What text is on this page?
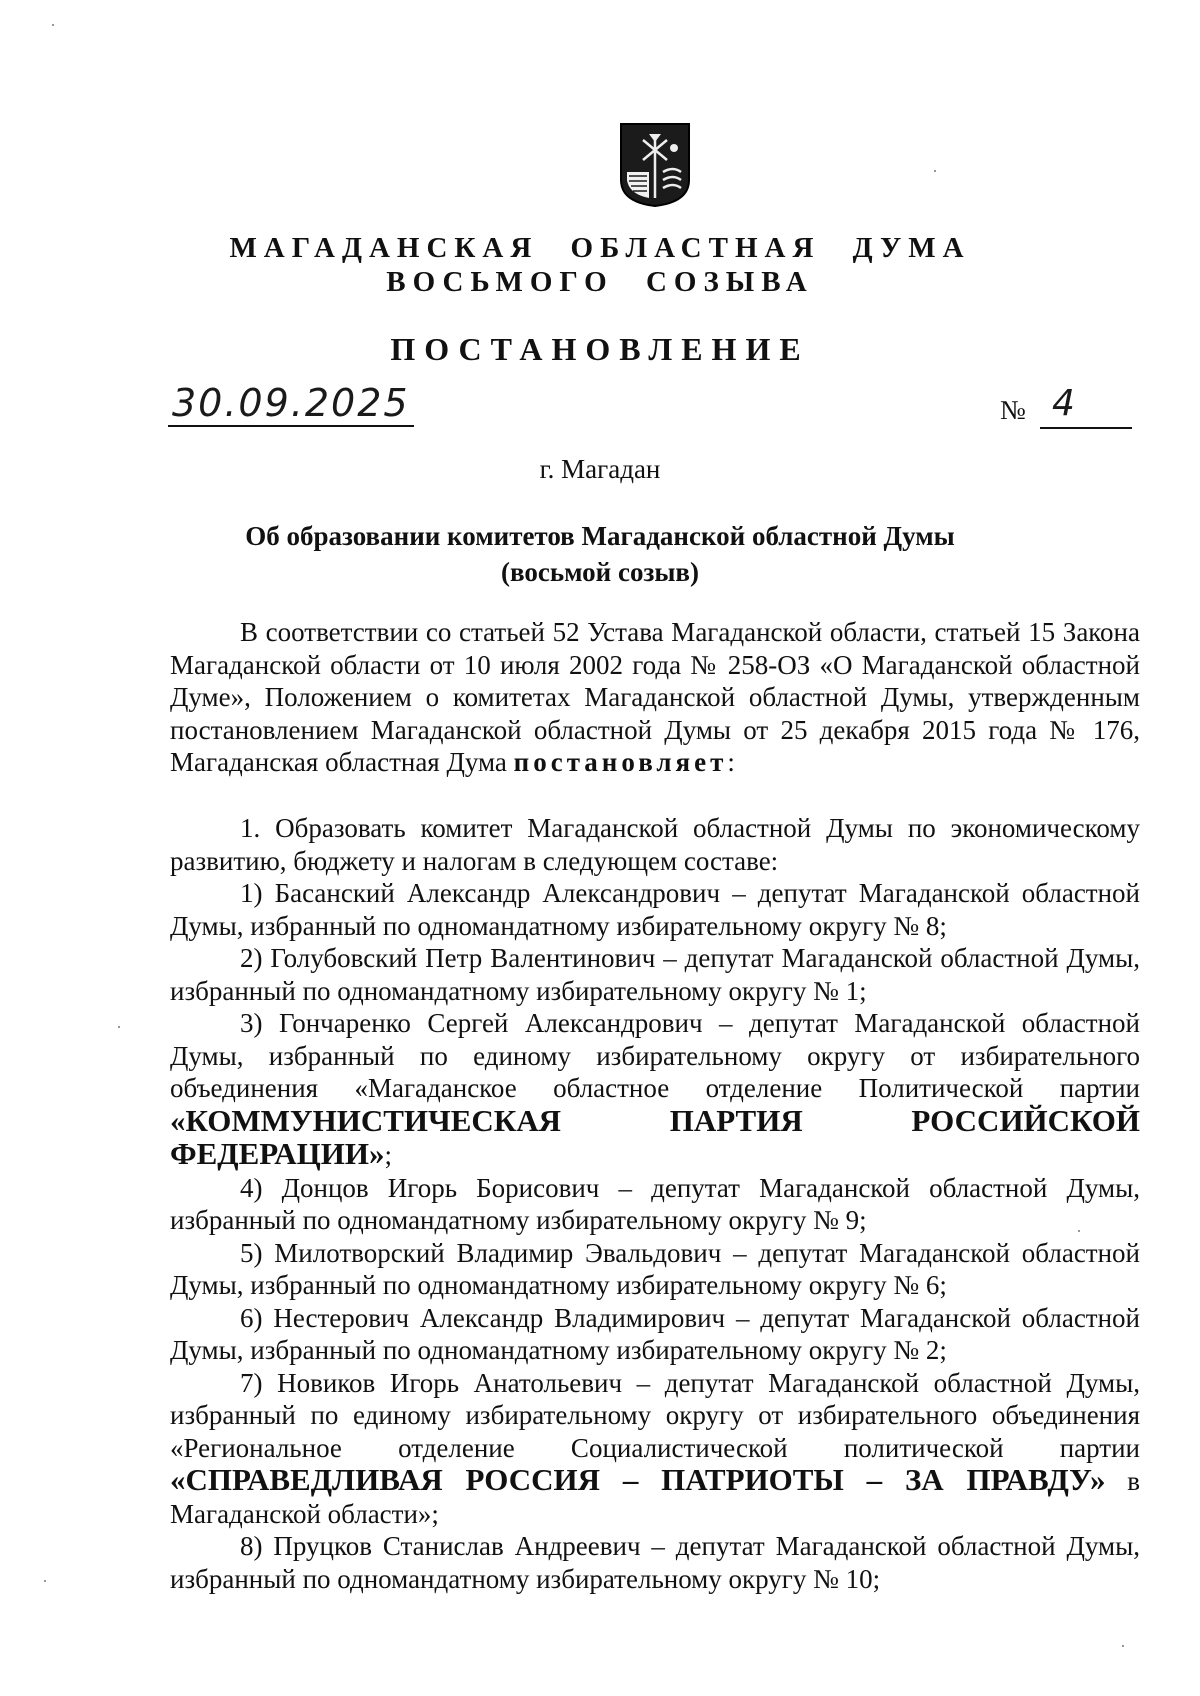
МАГАДАНСКАЯ ОБЛАСТНАЯ ДУМА
ВОСЬМОГО СОЗЫВА
ПОСТАНОВЛЕНИЕ
30.09.2025	№ 4
г. Магадан
Об образовании комитетов Магаданской областной Думы
(восьмой созыв)

В соответствии со статьей 52 Устава Магаданской области, статьей 15 Закона Магаданской области от 10 июля 2002 года № 258-ОЗ «О Магаданской областной Думе», Положением о комитетах Магаданской областной Думы, утвержденным постановлением Магаданской областной Думы от 25 декабря 2015 года № 176, Магаданская областная Дума постановляет:

1. Образовать комитет Магаданской областной Думы по экономическому развитию, бюджету и налогам в следующем составе:

1) Басанский Александр Александрович – депутат Магаданской областной Думы, избранный по одномандатному избирательному округу № 8;

2) Голубовский Петр Валентинович – депутат Магаданской областной Думы, избранный по одномандатному избирательному округу № 1;

3) Гончаренко Сергей Александрович – депутат Магаданской областной Думы, избранный по единому избирательному округу от избирательного объединения «Магаданское областное отделение Политической партии «КОММУНИСТИЧЕСКАЯ ПАРТИЯ РОССИЙСКОЙ ФЕДЕРАЦИИ»;

4) Донцов Игорь Борисович – депутат Магаданской областной Думы, избранный по одномандатному избирательному округу № 9;

5) Милотворский Владимир Эвальдович – депутат Магаданской областной Думы, избранный по одномандатному избирательному округу № 6;

6) Нестерович Александр Владимирович – депутат Магаданской областной Думы, избранный по одномандатному избирательному округу № 2;

7) Новиков Игорь Анатольевич – депутат Магаданской областной Думы, избранный по единому избирательному округу от избирательного объединения «Региональное отделение Социалистической политической партии «СПРАВЕДЛИВАЯ РОССИЯ – ПАТРИОТЫ – ЗА ПРАВДУ» в Магаданской области»;

8) Пруцков Станислав Андреевич – депутат Магаданской областной Думы, избранный по одномандатному избирательному округу № 10;
